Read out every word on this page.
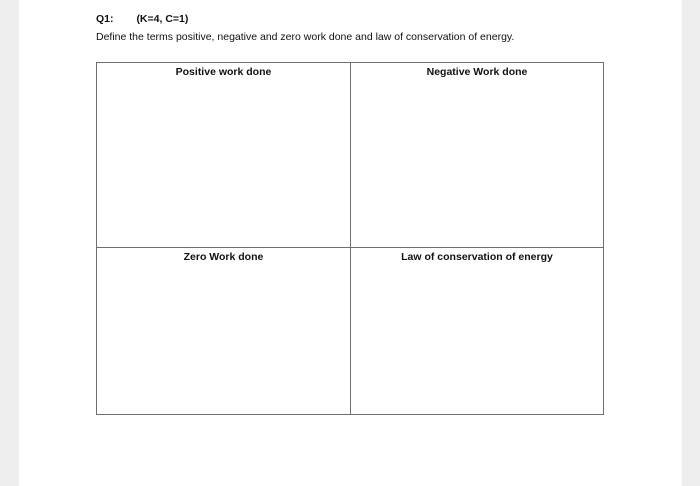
Q1: (K=4, C=1)
Define the terms positive, negative and zero work done and law of conservation of energy.
Positive work done	Negative Work done
Zero Work done	Law of conservation of energy
